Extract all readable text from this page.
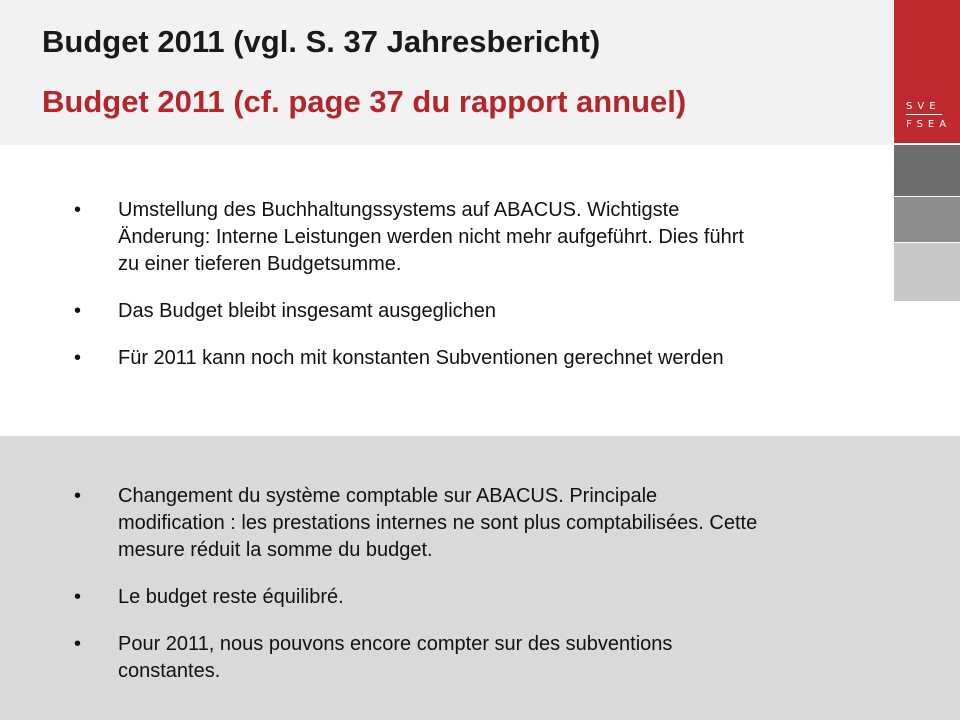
Budget 2011 (vgl. S. 37 Jahresbericht)
Budget 2011 (cf. page 37 du rapport annuel)	SVE
FSEA
• Umstellung des Buchhaltungssystems auf ABACUS. Wichtigste Änderung: Interne Leistungen werden nicht mehr aufgeführt. Dies führt zu einer tieferen Budgetsumme.
• Das Budget bleibt insgesamt ausgeglichen
• Für 2011 kann noch mit konstanten Subventionen gerechnet werden
• Changement du système comptable sur ABACUS. Principale modification : les prestations internes ne sont plus comptabilisées. Cette mesure réduit la somme du budget.
• Le budget reste équilibré.
• Pour 2011, nous pouvons encore compter sur des subventions constantes.
